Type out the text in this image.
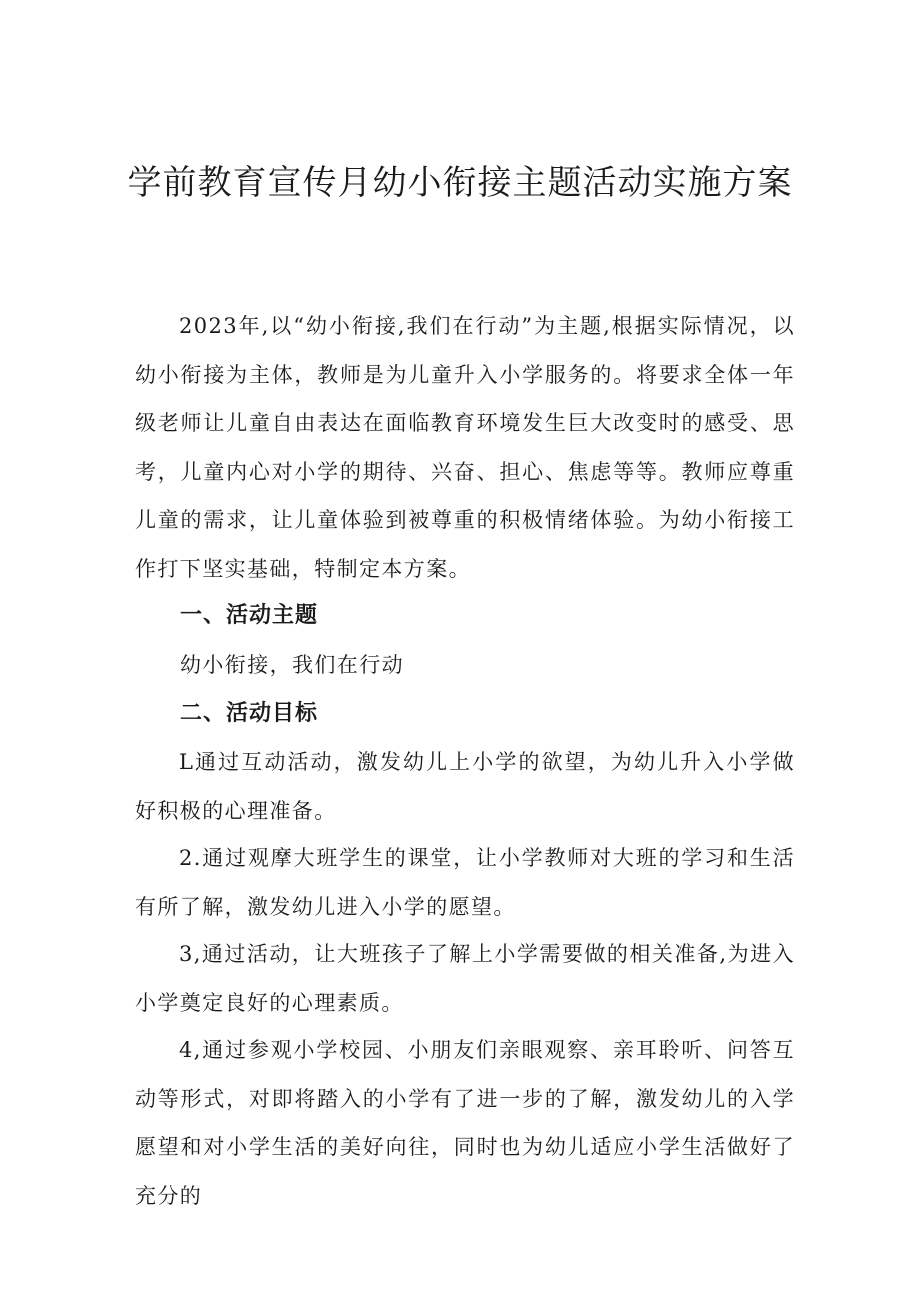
学前教育宣传月幼小衔接主题活动实施方案

2023年,以“幼小衔接,我们在行动”为主题,根据实际情况，以幼小衔接为主体，教师是为儿童升入小学服务的。将要求全体一年级老师让儿童自由表达在面临教育环境发生巨大改变时的感受、思考，儿童内心对小学的期待、兴奋、担心、焦虑等等。教师应尊重儿童的需求，让儿童体验到被尊重的积极情绪体验。为幼小衔接工作打下坚实基础，特制定本方案。

一、活动主题

幼小衔接，我们在行动

二、活动目标

L通过互动活动，激发幼儿上小学的欲望，为幼儿升入小学做好积极的心理准备。

2.通过观摩大班学生的课堂，让小学教师对大班的学习和生活有所了解，激发幼儿进入小学的愿望。

3,通过活动，让大班孩子了解上小学需要做的相关准备,为进入小学奠定良好的心理素质。

4,通过参观小学校园、小朋友们亲眼观察、亲耳聆听、问答互动等形式，对即将踏入的小学有了进一步的了解，激发幼儿的入学愿望和对小学生活的美好向往，同时也为幼儿适应小学生活做好了充分的
